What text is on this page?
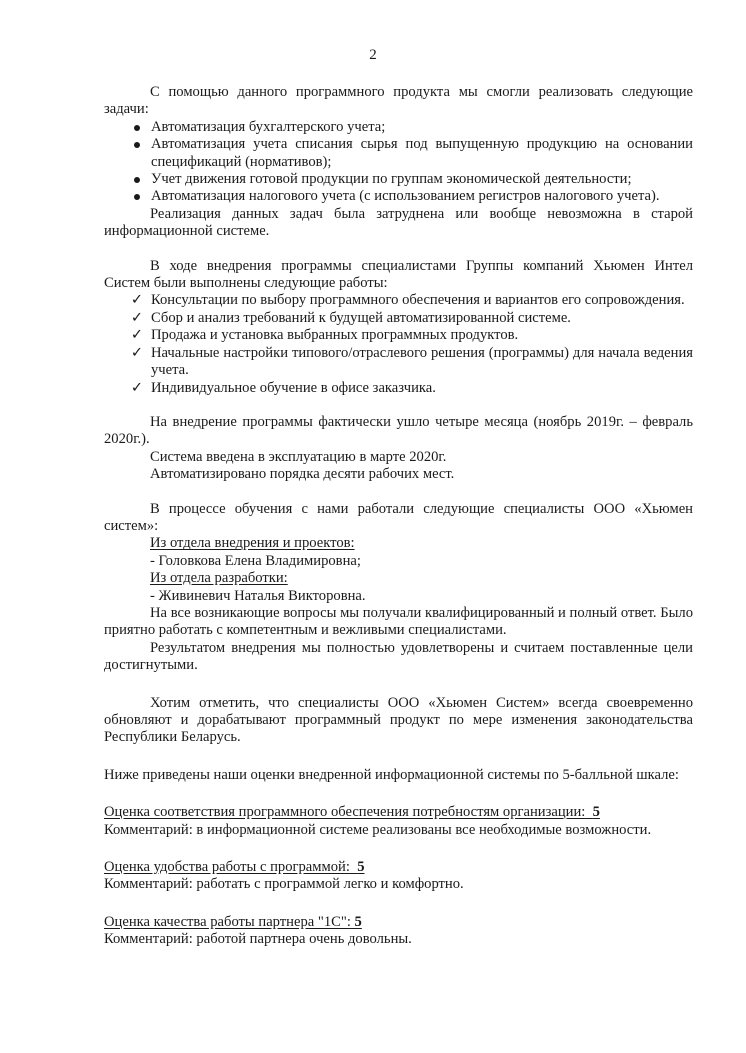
2

С помощью данного программного продукта мы смогли реализовать следующие задачи:

Автоматизация бухгалтерского учета;
Автоматизация учета списания сырья под выпущенную продукцию на основании спецификаций (нормативов);
Учет движения готовой продукции по группам экономической деятельности;
Автоматизация налогового учета (с использованием регистров налогового учета).

Реализация данных задач была затруднена или вообще невозможна в старой информационной системе.

В ходе внедрения программы специалистами Группы компаний Хьюмен Интел Систем были выполнены следующие работы:

✓ Консультации по выбору программного обеспечения и вариантов его сопровождения.
✓ Сбор и анализ требований к будущей автоматизированной системе.
✓ Продажа и установка выбранных программных продуктов.
✓ Начальные настройки типового/отраслевого решения (программы) для начала ведения учета.
✓ Индивидуальное обучение в офисе заказчика.

На внедрение программы фактически ушло четыре месяца (ноябрь 2019г. – февраль 2020г.).

Система введена в эксплуатацию в марте 2020г.

Автоматизировано порядка десяти рабочих мест.

В процессе обучения с нами работали следующие специалисты ООО «Хьюмен систем»:

Из отдела внедрения и проектов:

- Головкова Елена Владимировна;

Из отдела разработки:

- Живиневич Наталья Викторовна.

На все возникающие вопросы мы получали квалифицированный и полный ответ. Было приятно работать с компетентным и вежливыми специалистами.

Результатом внедрения мы полностью удовлетворены и считаем поставленные цели достигнутыми.

Хотим отметить, что специалисты ООО «Хьюмен Систем» всегда своевременно обновляют и дорабатывают программный продукт по мере изменения законодательства Республики Беларусь.

Ниже приведены наши оценки внедренной информационной системы по 5-балльной шкале:

Оценка соответствия программного обеспечения потребностям организации: 5

Комментарий: в информационной системе реализованы все необходимые возможности.

Оценка удобства работы с программой: 5

Комментарий: работать с программой легко и комфортно.

Оценка качества работы партнера "1С": 5

Комментарий: работой партнера очень довольны.
